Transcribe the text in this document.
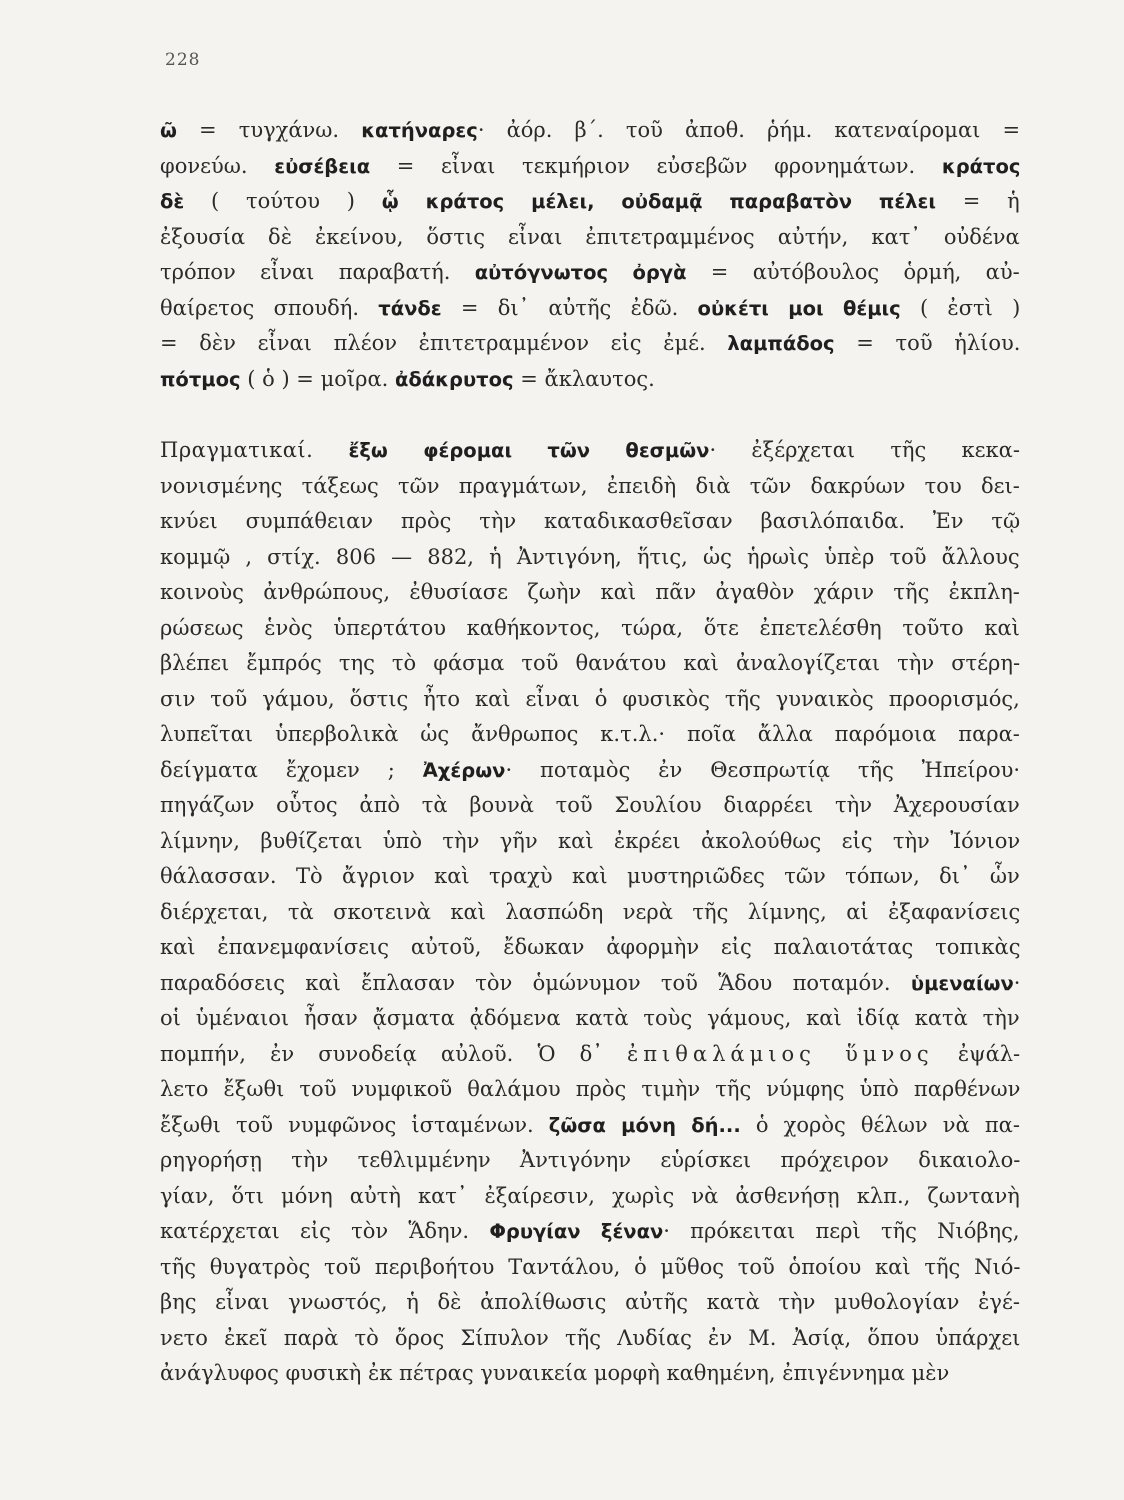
228
ῶ = τυγχάνω. κατήναρες· ἀόρ. β΄. τοῦ ἀποθ. ῥήμ. κατεναίρομαι =
φονεύω. εὐσέβεια = εἶναι τεκμήριον εὐσεβῶν φρονημάτων. κράτος
δὲ ( τούτου ) ᾧ κράτος μέλει, οὐδαμᾷ παραβατὸν πέλει = ἡ
ἐξουσία δὲ ἐκείνου, ὅστις εἶναι ἐπιτετραμμένος αὐτήν, κατ᾽ οὐδένα
τρόπον εἶναι παραβατή. αὐτόγνωτος ὀργὰ = αὐτόβουλος ὁρμή, αὐ-
θαίρετος σπουδή. τάνδε = δι᾽ αὐτῆς ἐδῶ. οὐκέτι μοι θέμις ( ἐστὶ )
= δὲν εἶναι πλέον ἐπιτετραμμένον εἰς ἐμέ. λαμπάδος = τοῦ ἡλίου.
πότμος ( ὁ ) = μοῖρα. ἀδάκρυτος = ἄκλαυτος.
Πραγματικαί. ἔξω φέρομαι τῶν θεσμῶν· ἐξέρχεται τῆς κεκα-
νονισμένης τάξεως τῶν πραγμάτων, ἐπειδὴ διὰ τῶν δακρύων του δει-
κνύει συμπάθειαν πρὸς τὴν καταδικασθεῖσαν βασιλόπαιδα. Ἐν τῷ
κομμῷ , στίχ. 806 — 882, ἡ Ἀντιγόνη, ἥτις, ὡς ἡρωὶς ὑπὲρ τοῦ ἄλλους
κοινοὺς ἀνθρώπους, ἐθυσίασε ζωὴν καὶ πᾶν ἀγαθὸν χάριν τῆς ἐκπλη-
ρώσεως ἑνὸς ὑπερτάτου καθήκοντος, τώρα, ὅτε ἐπετελέσθη τοῦτο καὶ
βλέπει ἔμπρός της τὸ φάσμα τοῦ θανάτου καὶ ἀναλογίζεται τὴν στέρη-
σιν τοῦ γάμου, ὅστις ἦτο καὶ εἶναι ὁ φυσικὸς τῆς γυναικὸς προορισμός,
λυπεῖται ὑπερβολικὰ ὡς ἄνθρωπος κ.τ.λ.· ποῖα ἄλλα παρόμοια παρα-
δείγματα ἔχομεν ; Ἀχέρων· ποταμὸς ἐν Θεσπρωτίᾳ τῆς Ἠπείρου·
πηγάζων οὗτος ἀπὸ τὰ βουνὰ τοῦ Σουλίου διαρρέει τὴν Ἀχερουσίαν
λίμνην, βυθίζεται ὑπὸ τὴν γῆν καὶ ἐκρέει ἀκολούθως εἰς τὴν Ἰόνιον
θάλασσαν. Τὸ ἄγριον καὶ τραχὺ καὶ μυστηριῶδες τῶν τόπων, δι᾽ ὧν
διέρχεται, τὰ σκοτεινὰ καὶ λασπώδη νερὰ τῆς λίμνης, αἱ ἐξαφανίσεις
καὶ ἐπανεμφανίσεις αὐτοῦ, ἔδωκαν ἀφορμὴν εἰς παλαιοτάτας τοπικὰς
παραδόσεις καὶ ἔπλασαν τὸν ὁμώνυμον τοῦ Ἅδου ποταμόν. ὑμεναίων·
οἱ ὑμέναιοι ἦσαν ᾄσματα ᾀδόμενα κατὰ τοὺς γάμους, καὶ ἰδίᾳ κατὰ τὴν
πομπήν, ἐν συνοδείᾳ αὐλοῦ. Ὁ δ᾽ ἐπιθαλάμιος ὕμνος ἐψάλ-
λετο ἔξωθι τοῦ νυμφικοῦ θαλάμου πρὸς τιμὴν τῆς νύμφης ὑπὸ παρθένων
ἔξωθι τοῦ νυμφῶνος ἱσταμένων. ζῶσα μόνη δή... ὁ χορὸς θέλων νὰ πα-
ρηγορήσῃ τὴν τεθλιμμένην Ἀντιγόνην εὑρίσκει πρόχειρον δικαιολο-
γίαν, ὅτι μόνη αὐτὴ κατ᾽ ἐξαίρεσιν, χωρὶς νὰ ἀσθενήσῃ κλπ., ζωντανὴ
κατέρχεται εἰς τὸν Ἅδην. Φρυγίαν ξέναν· πρόκειται περὶ τῆς Νιόβης,
τῆς θυγατρὸς τοῦ περιβοήτου Ταντάλου, ὁ μῦθος τοῦ ὁποίου καὶ τῆς Νιό-
βης εἶναι γνωστός, ἡ δὲ ἀπολίθωσις αὐτῆς κατὰ τὴν μυθολογίαν ἐγέ-
νετο ἐκεῖ παρὰ τὸ ὄρος Σίπυλον τῆς Λυδίας ἐν Μ. Ἀσίᾳ, ὅπου ὑπάρχει
ἀνάγλυφος φυσικὴ ἐκ πέτρας γυναικεία μορφὴ καθημένη, ἐπιγέννημα μὲν
